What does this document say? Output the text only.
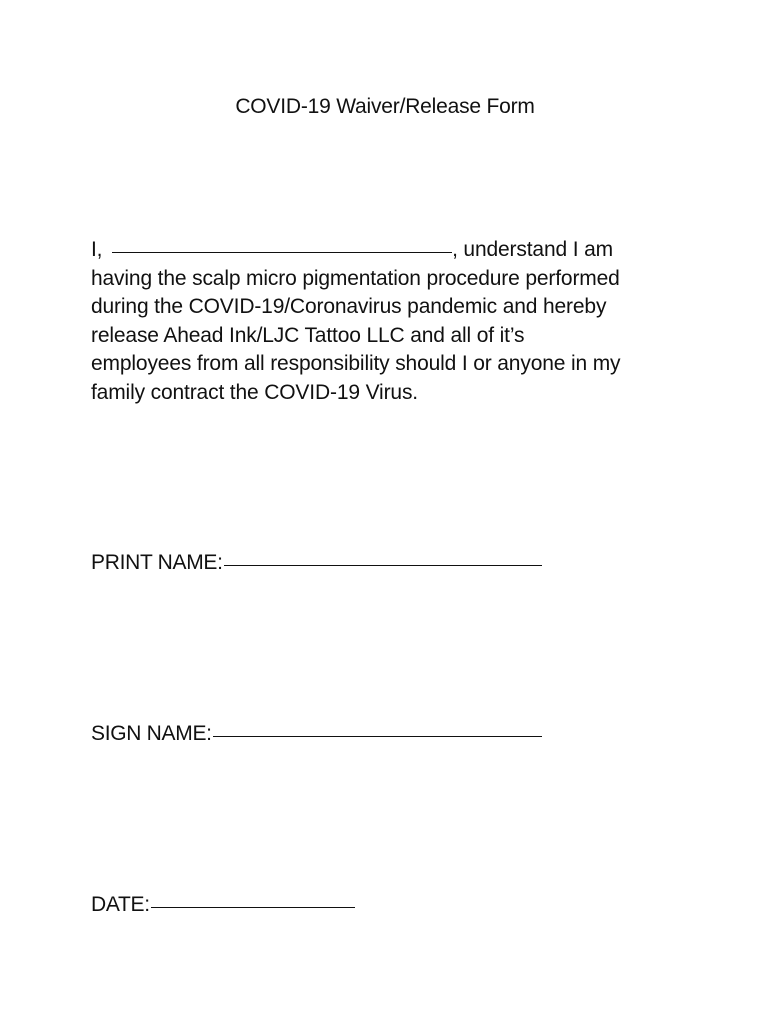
COVID-19 Waiver/Release Form
I,	, understand I am
having the scalp micro pigmentation procedure performed
during the COVID-19/Coronavirus pandemic and hereby
release Ahead Ink/LJC Tattoo LLC and all of it’s
employees from all responsibility should I or anyone in my
family contract the COVID-19 Virus.
PRINT NAME:
SIGN NAME:
DATE:
